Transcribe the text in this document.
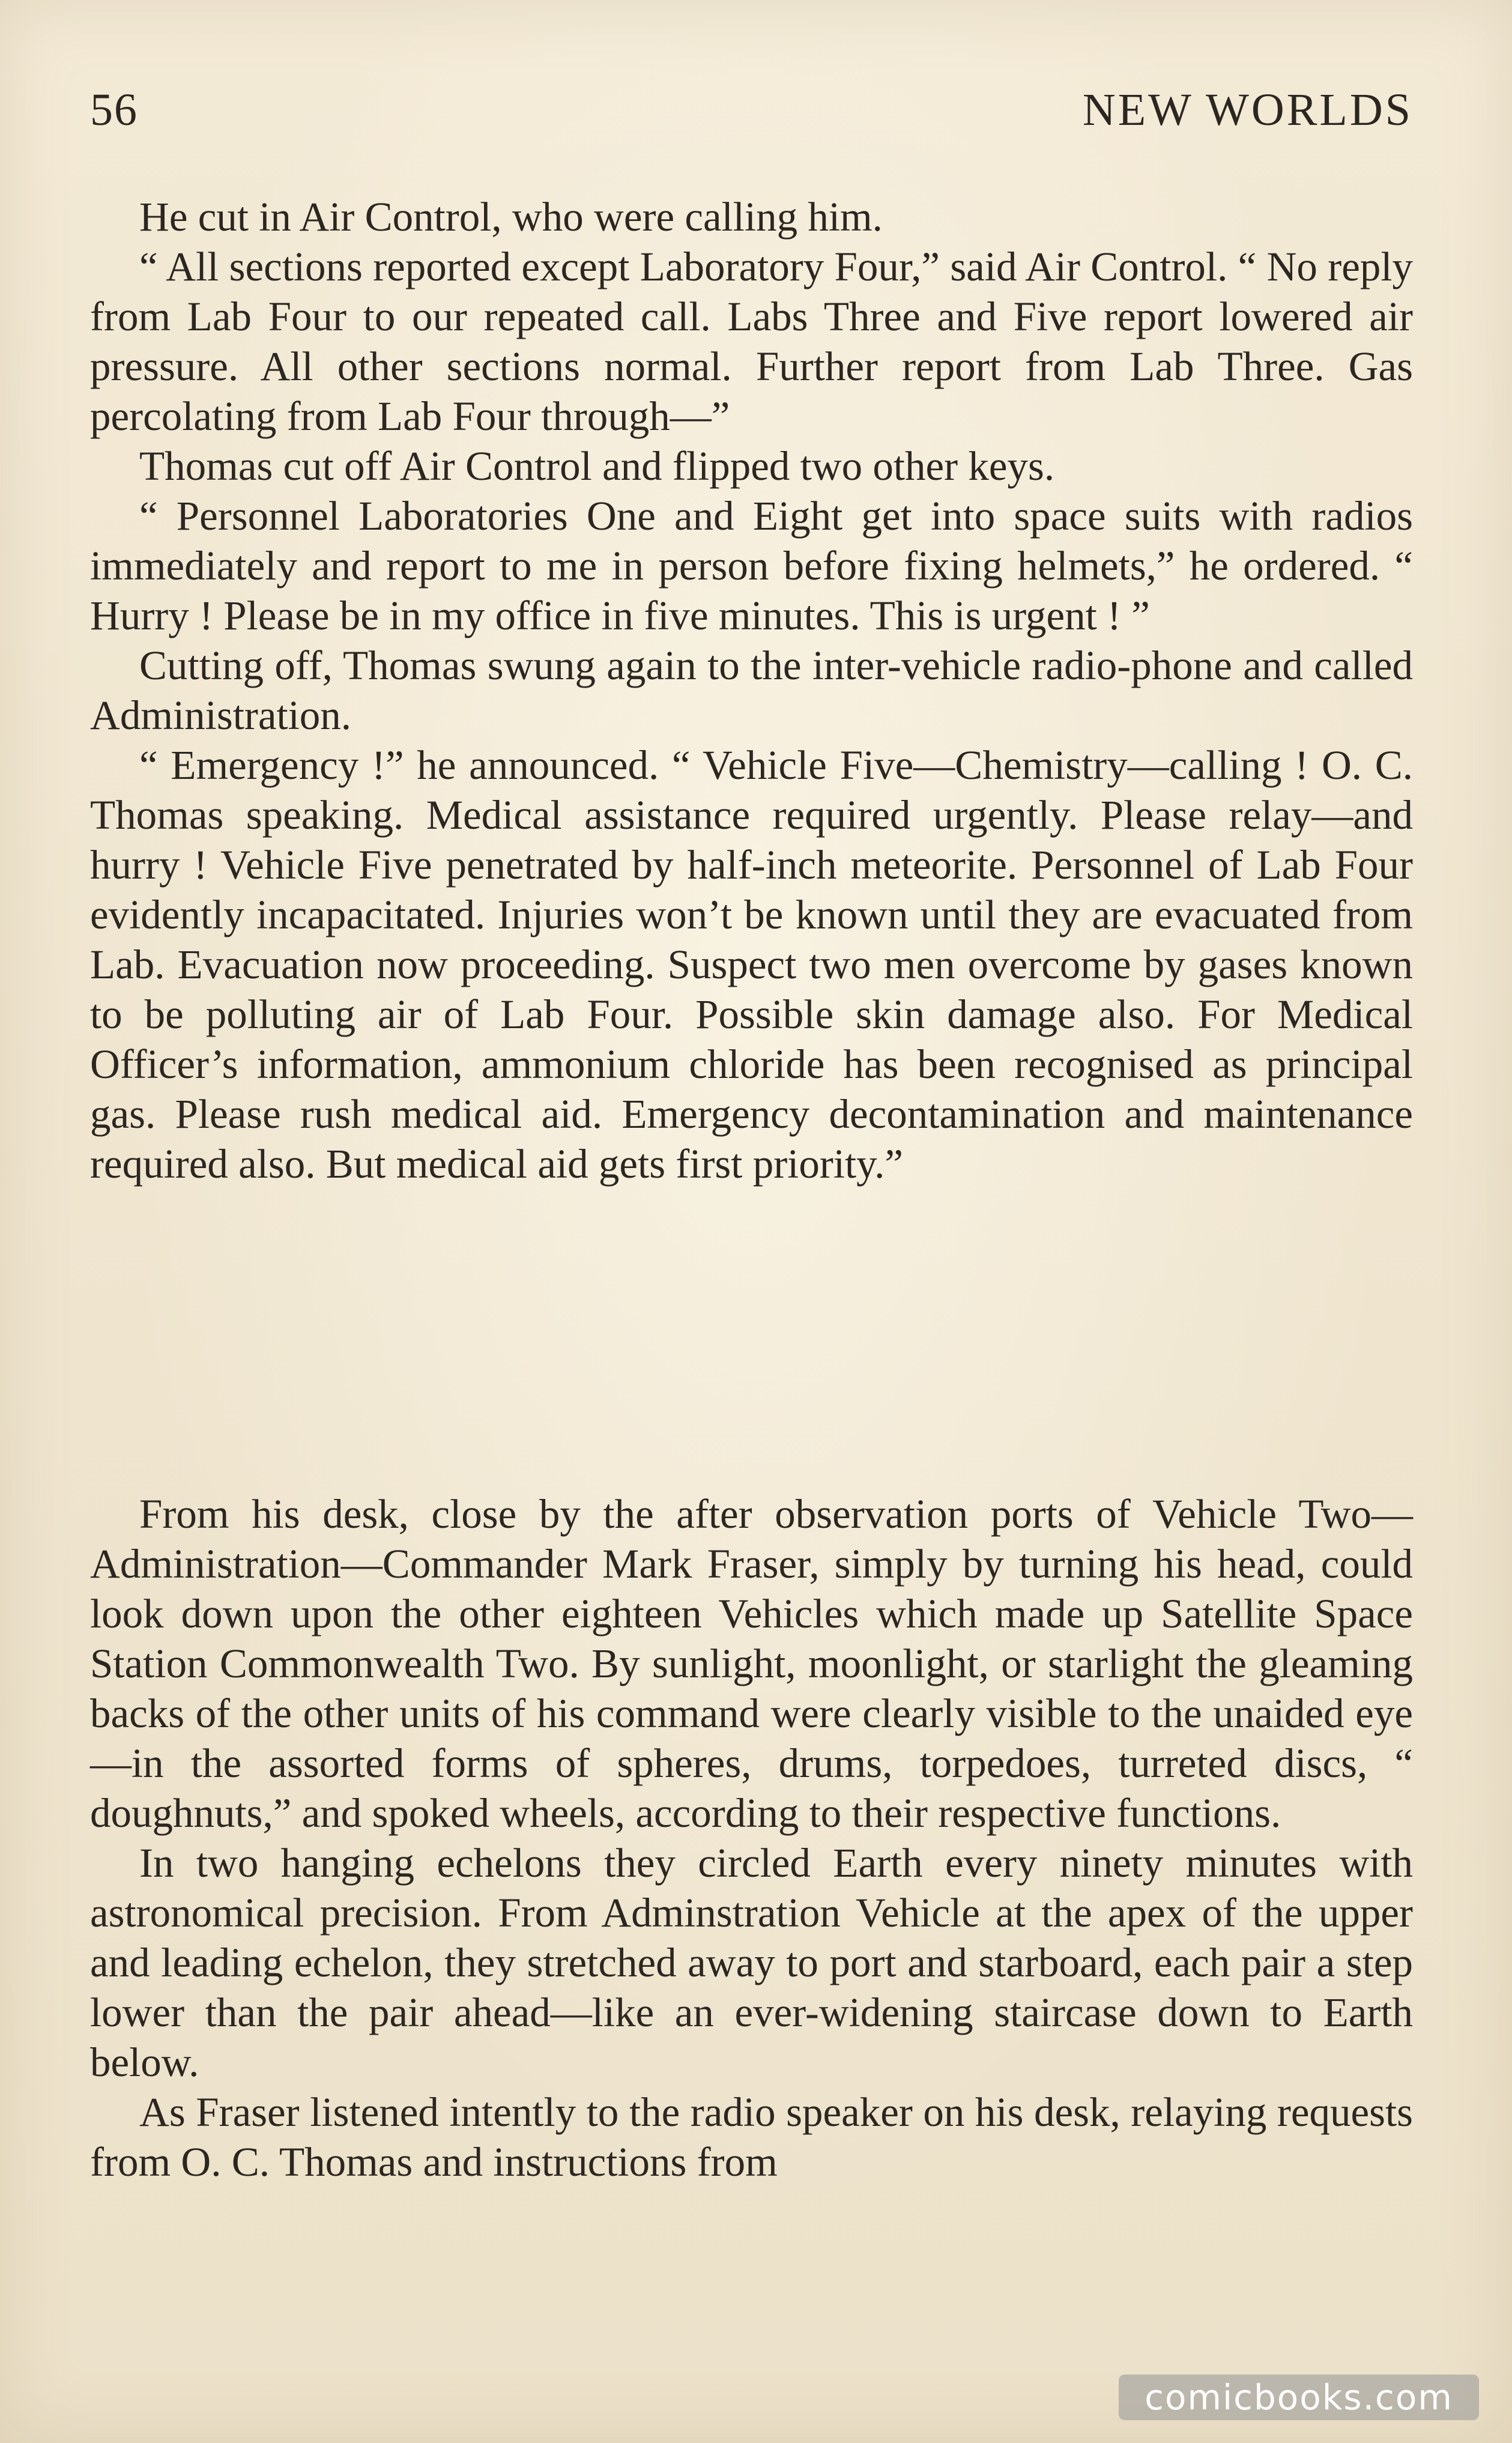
56	NEW WORLDS

He cut in Air Control, who were calling him.

“ All sections reported except Laboratory Four,” said Air Control. “ No reply from Lab Four to our repeated call. Labs Three and Five report lowered air pressure. All other sections normal. Further report from Lab Three. Gas percolating from Lab Four through—”

Thomas cut off Air Control and flipped two other keys.

“ Personnel Laboratories One and Eight get into space suits with radios immediately and report to me in person before fixing helmets,” he ordered. “ Hurry ! Please be in my office in five minutes. This is urgent ! ”

Cutting off, Thomas swung again to the inter-vehicle radio-phone and called Administration.

“ Emergency !” he announced. “ Vehicle Five—Chemistry—calling ! O. C. Thomas speaking. Medical assistance required urgently. Please relay—and hurry ! Vehicle Five penetrated by half-inch meteorite. Personnel of Lab Four evidently incapacitated. Injuries won’t be known until they are evacuated from Lab. Evacuation now proceeding. Suspect two men overcome by gases known to be polluting air of Lab Four. Possible skin damage also. For Medical Officer’s information, ammonium chloride has been recognised as principal gas. Please rush medical aid. Emergency decontamination and maintenance required also. But medical aid gets first priority.”

From his desk, close by the after observation ports of Vehicle Two—Administration—Commander Mark Fraser, simply by turning his head, could look down upon the other eighteen Vehicles which made up Satellite Space Station Commonwealth Two. By sunlight, moonlight, or starlight the gleaming backs of the other units of his command were clearly visible to the unaided eye—in the assorted forms of spheres, drums, torpedoes, turreted discs, “ doughnuts,” and spoked wheels, according to their respective functions.

In two hanging echelons they circled Earth every ninety minutes with astronomical precision. From Adminstration Vehicle at the apex of the upper and leading echelon, they stretched away to port and starboard, each pair a step lower than the pair ahead—like an ever-widening staircase down to Earth below.

As Fraser listened intently to the radio speaker on his desk, relaying requests from O. C. Thomas and instructions from

comicbooks.com
